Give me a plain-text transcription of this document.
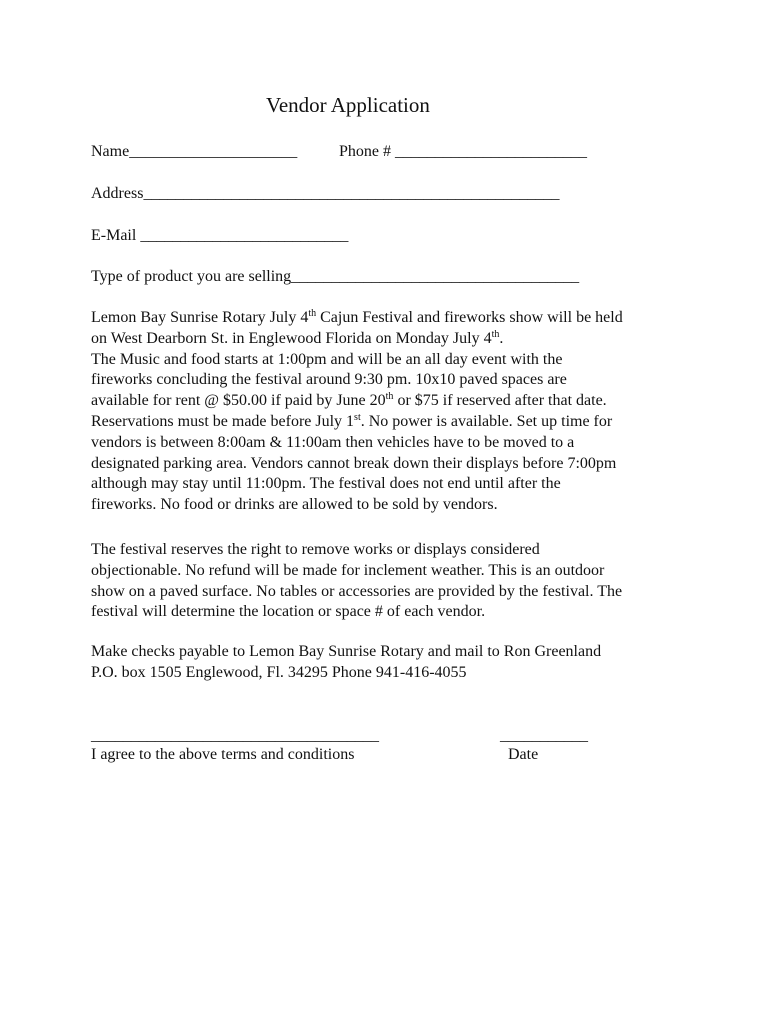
Vendor Application
Name_____________________	Phone # ________________________
Address____________________________________________________
E-Mail __________________________
Type of product you are selling____________________________________

Lemon Bay Sunrise Rotary July 4th Cajun Festival and fireworks show will be held

on West Dearborn St. in Englewood Florida on Monday July 4th.

The Music and food starts at 1:00pm and will be an all day event with the

fireworks concluding the festival around 9:30 pm. 10x10 paved spaces are

available for rent @ $50.00 if paid by June 20th or $75 if reserved after that date.

Reservations must be made before July 1st. No power is available. Set up time for

vendors is between 8:00am & 11:00am then vehicles have to be moved to a

designated parking area. Vendors cannot break down their displays before 7:00pm

although may stay until 11:00pm. The festival does not end until after the

fireworks. No food or drinks are allowed to be sold by vendors.

The festival reserves the right to remove works or displays considered

objectionable. No refund will be made for inclement weather. This is an outdoor

show on a paved surface. No tables or accessories are provided by the festival. The

festival will determine the location or space # of each vendor.

Make checks payable to Lemon Bay Sunrise Rotary and mail to Ron Greenland

P.O. box 1505 Englewood, Fl. 34295 Phone 941-416-4055

____________________________________
I agree to the above terms and conditions
___________
Date
